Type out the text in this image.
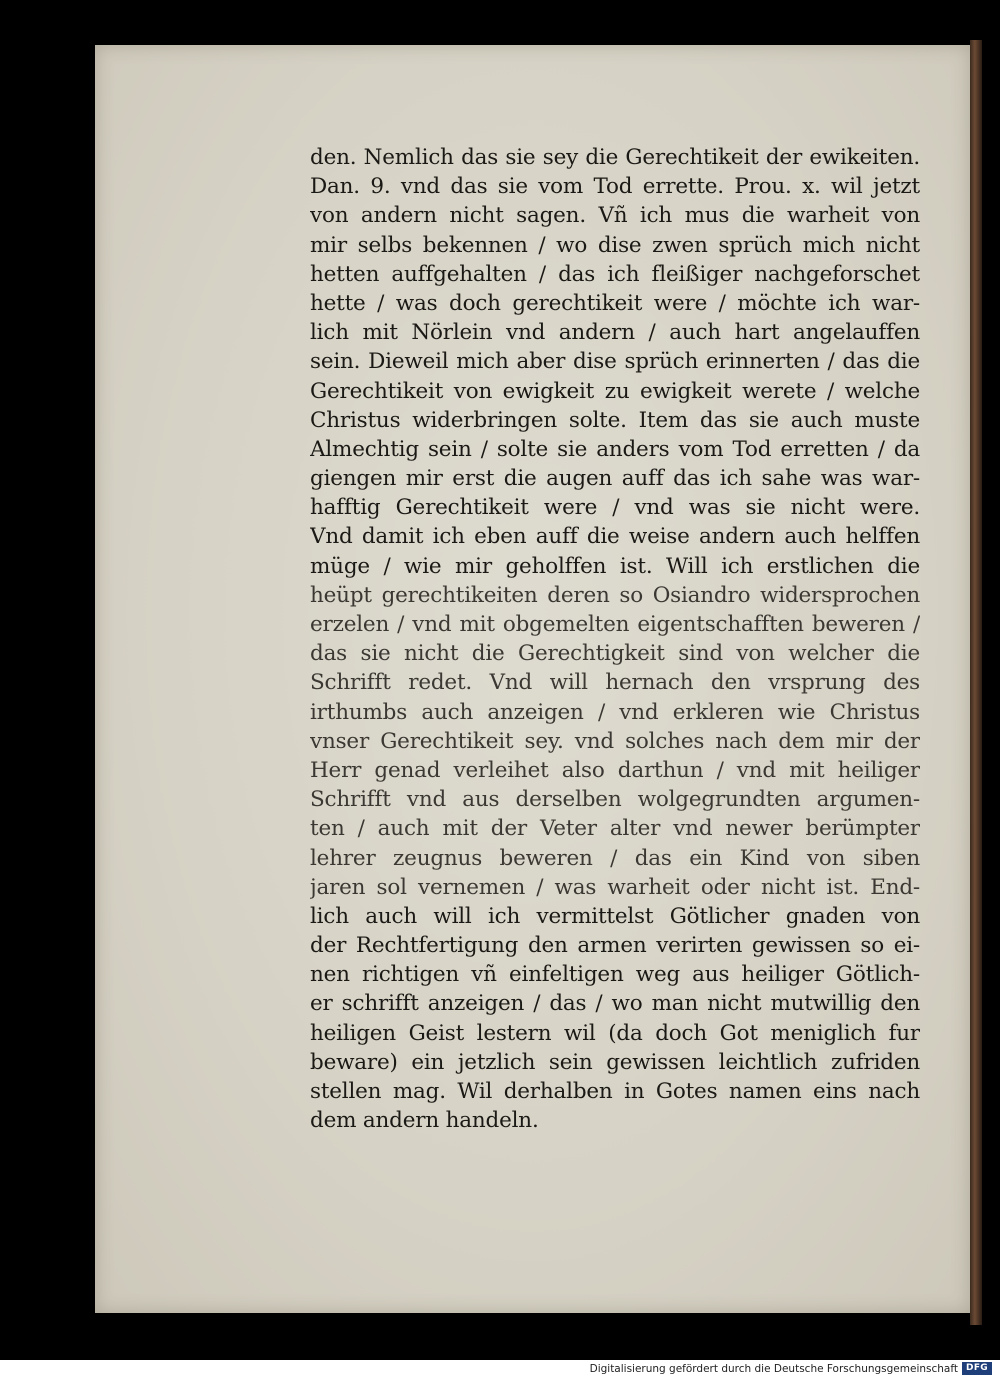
den. Nemlich das sie sey die Gerechtikeit der ewikeiten.
Dan. 9. vnd das sie vom Tod errette. Prou. x. wil jetzt
von andern nicht sagen. Vñ ich mus die warheit von
mir selbs bekennen / wo dise zwen sprüch mich nicht
hetten auffgehalten / das ich fleißiger nachgeforschet
hette / was doch gerechtikeit were / möchte ich war-
lich mit Nörlein vnd andern / auch hart angelauffen
sein. Dieweil mich aber dise sprüch erinnerten / das die
Gerechtikeit von ewigkeit zu ewigkeit werete / welche
Christus widerbringen solte. Item das sie auch muste
Almechtig sein / solte sie anders vom Tod erretten / da
giengen mir erst die augen auff das ich sahe was war-
hafftig Gerechtikeit were / vnd was sie nicht were.
Vnd damit ich eben auff die weise andern auch helffen
müge / wie mir geholffen ist. Will ich erstlichen die
heüpt gerechtikeiten deren so Osiandro widersprochen
erzelen / vnd mit obgemelten eigentschafften beweren /
das sie nicht die Gerechtigkeit sind von welcher die
Schrifft redet. Vnd will hernach den vrsprung des
irthumbs auch anzeigen / vnd erkleren wie Christus
vnser Gerechtikeit sey. vnd solches nach dem mir der
Herr genad verleihet also darthun / vnd mit heiliger
Schrifft vnd aus derselben wolgegrundten argumen-
ten / auch mit der Veter alter vnd newer berümpter
lehrer zeugnus beweren / das ein Kind von siben
jaren sol vernemen / was warheit oder nicht ist. End-
lich auch will ich vermittelst Götlicher gnaden von
der Rechtfertigung den armen verirten gewissen so ei-
nen richtigen vñ einfeltigen weg aus heiliger Götlich-
er schrifft anzeigen / das / wo man nicht mutwillig den
heiligen Geist lestern wil (da doch Got meniglich fur
beware) ein jetzlich sein gewissen leichtlich zufriden
stellen mag. Wil derhalben in Gotes namen eins nach
dem andern handeln.
Digitalisierung gefördert durch die Deutsche Forschungsgemeinschaft DFG
